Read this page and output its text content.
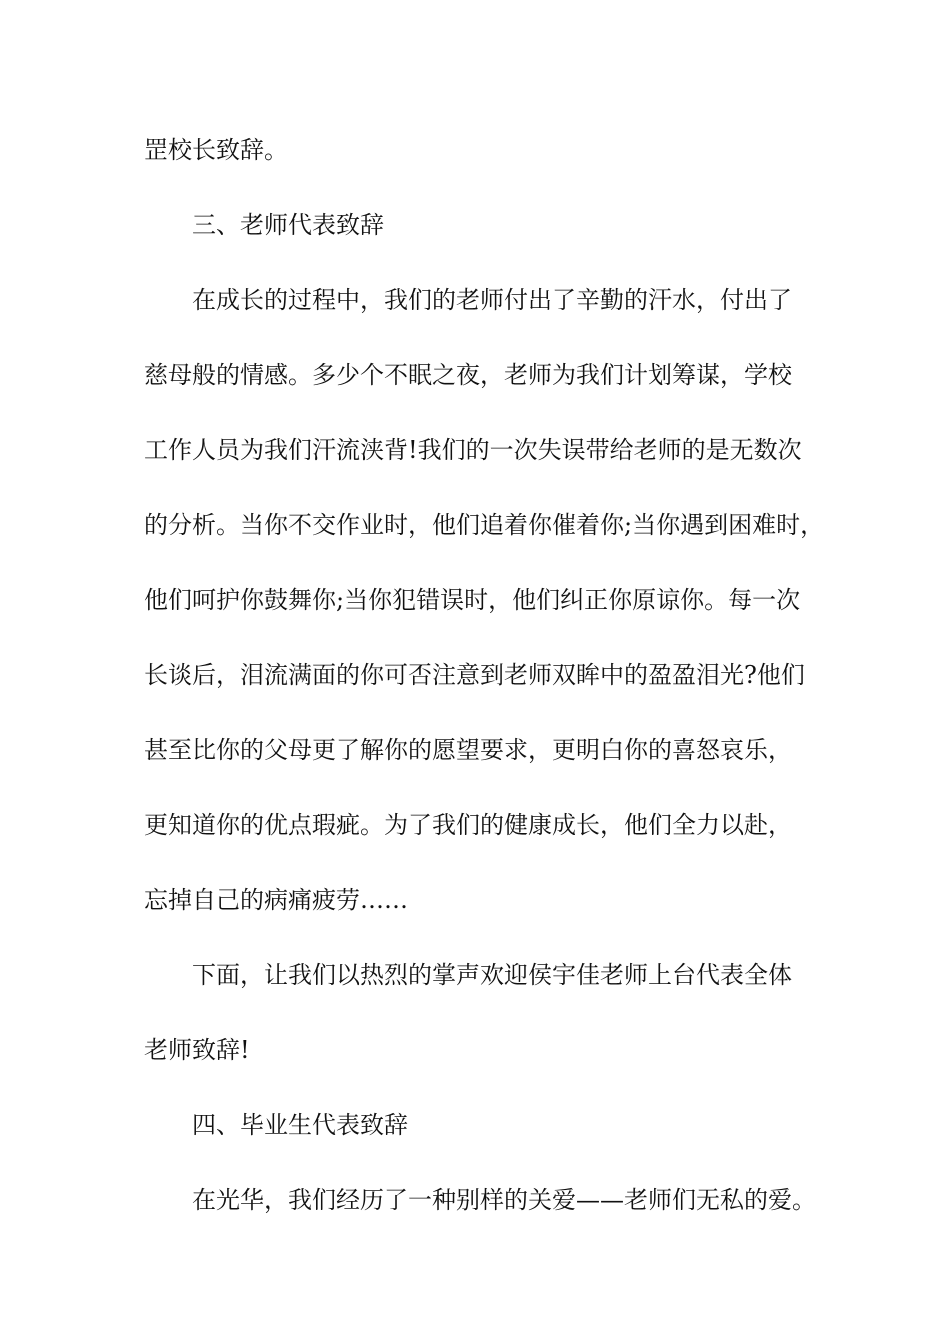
罡校长致辞。
三、老师代表致辞
在成长的过程中，我们的老师付出了辛勤的汗水，付出了
慈母般的情感。多少个不眠之夜，老师为我们计划筹谋，学校
工作人员为我们汗流浃背!我们的一次失误带给老师的是无数次
的分析。当你不交作业时，他们追着你催着你;当你遇到困难时，
他们呵护你鼓舞你;当你犯错误时，他们纠正你原谅你。每一次
长谈后，泪流满面的你可否注意到老师双眸中的盈盈泪光?他们
甚至比你的父母更了解你的愿望要求，更明白你的喜怒哀乐，
更知道你的优点瑕疵。为了我们的健康成长，他们全力以赴，
忘掉自己的病痛疲劳……
下面，让我们以热烈的掌声欢迎侯宇佳老师上台代表全体
老师致辞!
四、毕业生代表致辞
在光华，我们经历了一种别样的关爱——老师们无私的爱。
